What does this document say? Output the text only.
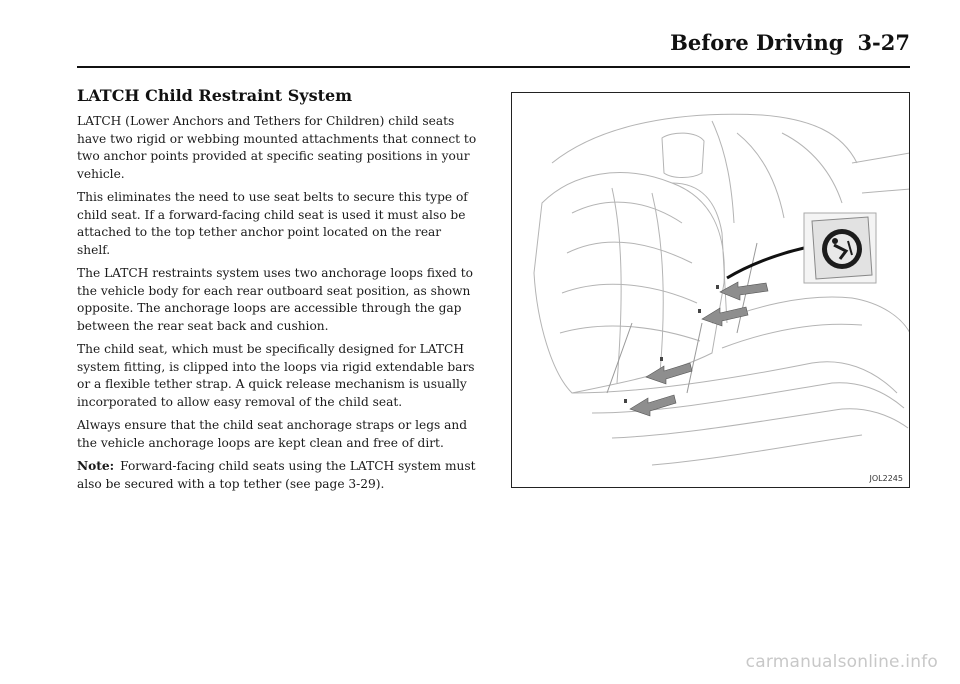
Before Driving 3-27
LATCH Child Restraint System

LATCH (Lower Anchors and Tethers for Children) child seats have two rigid or webbing mounted attachments that connect to two anchor points provided at specific seating positions in your vehicle.

This eliminates the need to use seat belts to secure this type of child seat. If a forward-facing child seat is used it must also be attached to the top tether anchor point located on the rear shelf.

The LATCH restraints system uses two anchorage loops fixed to the vehicle body for each rear outboard seat position, as shown opposite. The anchorage loops are accessible through the gap between the rear seat back and cushion.

The child seat, which must be specifically designed for LATCH system fitting, is clipped into the loops via rigid extendable bars or a flexible tether strap. A quick release mechanism is usually incorporated to allow easy removal of the child seat.

Always ensure that the child seat anchorage straps or legs and the vehicle anchorage loops are kept clean and free of dirt.

Note: Forward-facing child seats using the LATCH system must also be secured with a top tether (see page 3-29).	JOL2245
carmanualsonline.info
